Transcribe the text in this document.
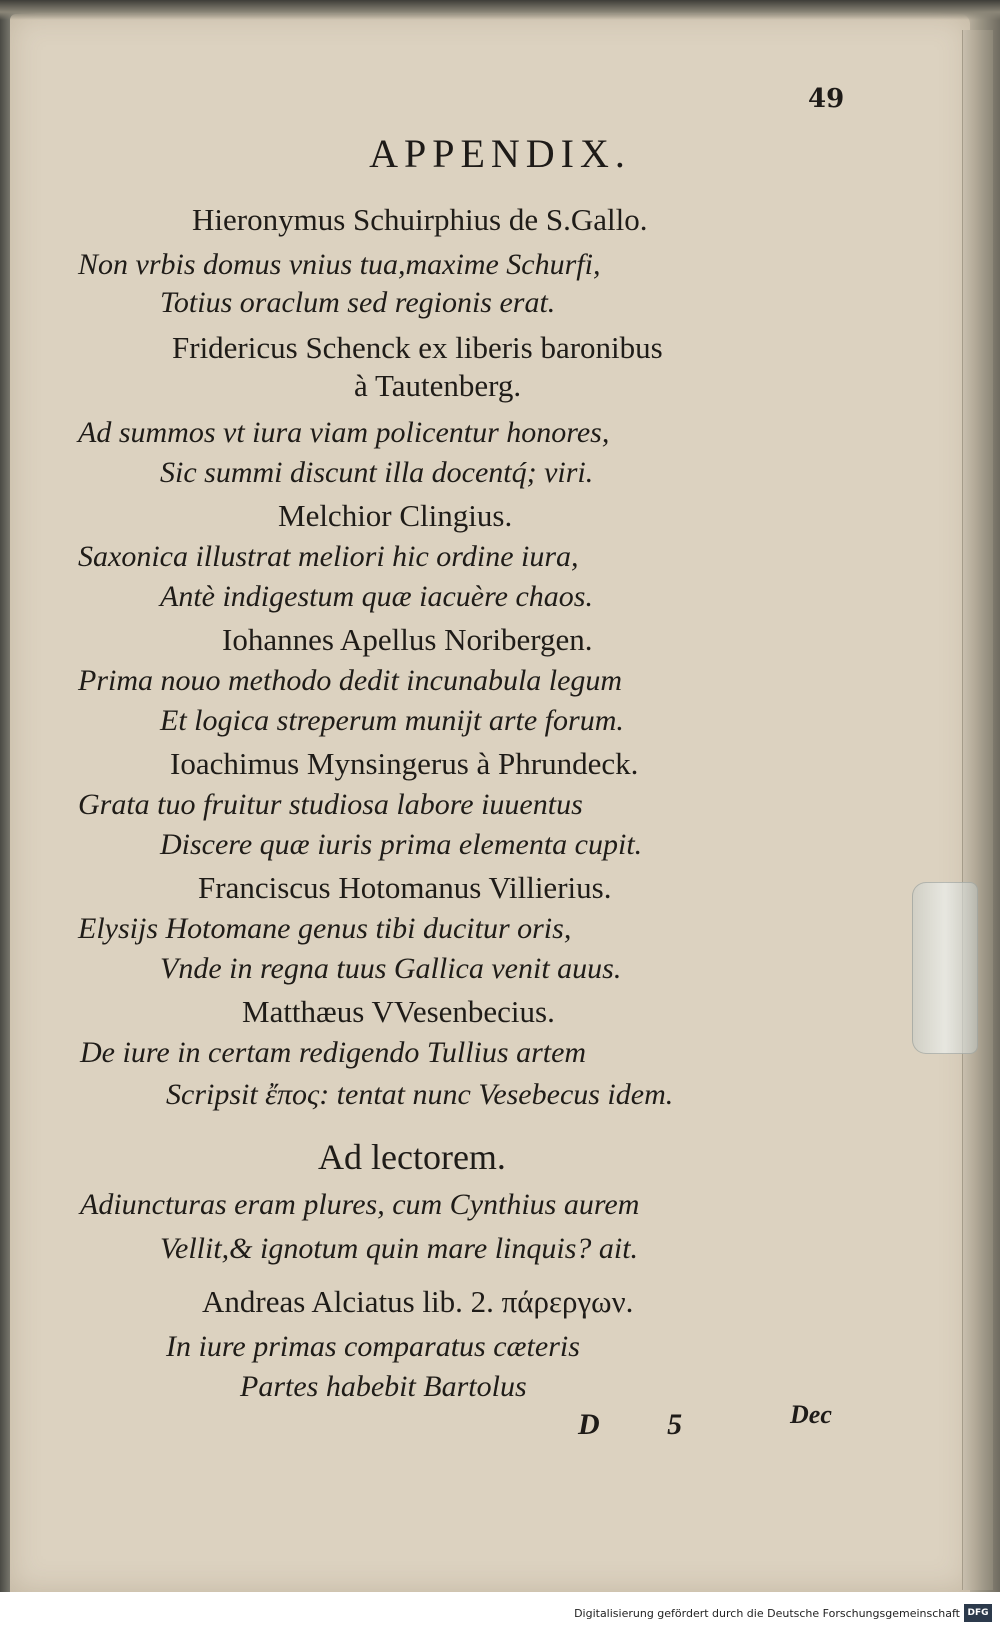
49
APPENDIX.
Hieronymus Schuirphius de S.Gallo.
Non vrbis domus vnius tua,maxime Schurfi,
Totius oraclum sed regionis erat.
Fridericus Schenck ex liberis baronibus
à Tautenberg.
Ad summos vt iura viam policentur honores,
Sic summi discunt illa docentq́; viri.
Melchior Clingius.
Saxonica illustrat meliori hic ordine iura,
Antè indigestum quæ iacuère chaos.
Iohannes Apellus Noribergen.
Prima nouo methodo dedit incunabula legum
Et logica streperum munijt arte forum.
Ioachimus Mynsingerus à Phrundeck.
Grata tuo fruitur studiosa labore iuuentus
Discere quæ iuris prima elementa cupit.
Franciscus Hotomanus Villierius.
Elysijs Hotomane genus tibi ducitur oris,
Vnde in regna tuus Gallica venit auus.
Matthæus VVesenbecius.
De iure in certam redigendo Tullius artem
Scripsit ἔπος: tentat nunc Vesebecus idem.
Ad lectorem.
Adiuncturas eram plures, cum Cynthius aurem
Vellit,& ignotum quin mare linquis? ait.
Andreas Alciatus lib. 2. πάρεργων.
In iure primas comparatus cæteris
Partes habebit Bartolus
D 5	Dec
Digitalisierung gefördert durch die Deutsche Forschungsgemeinschaft DFG
